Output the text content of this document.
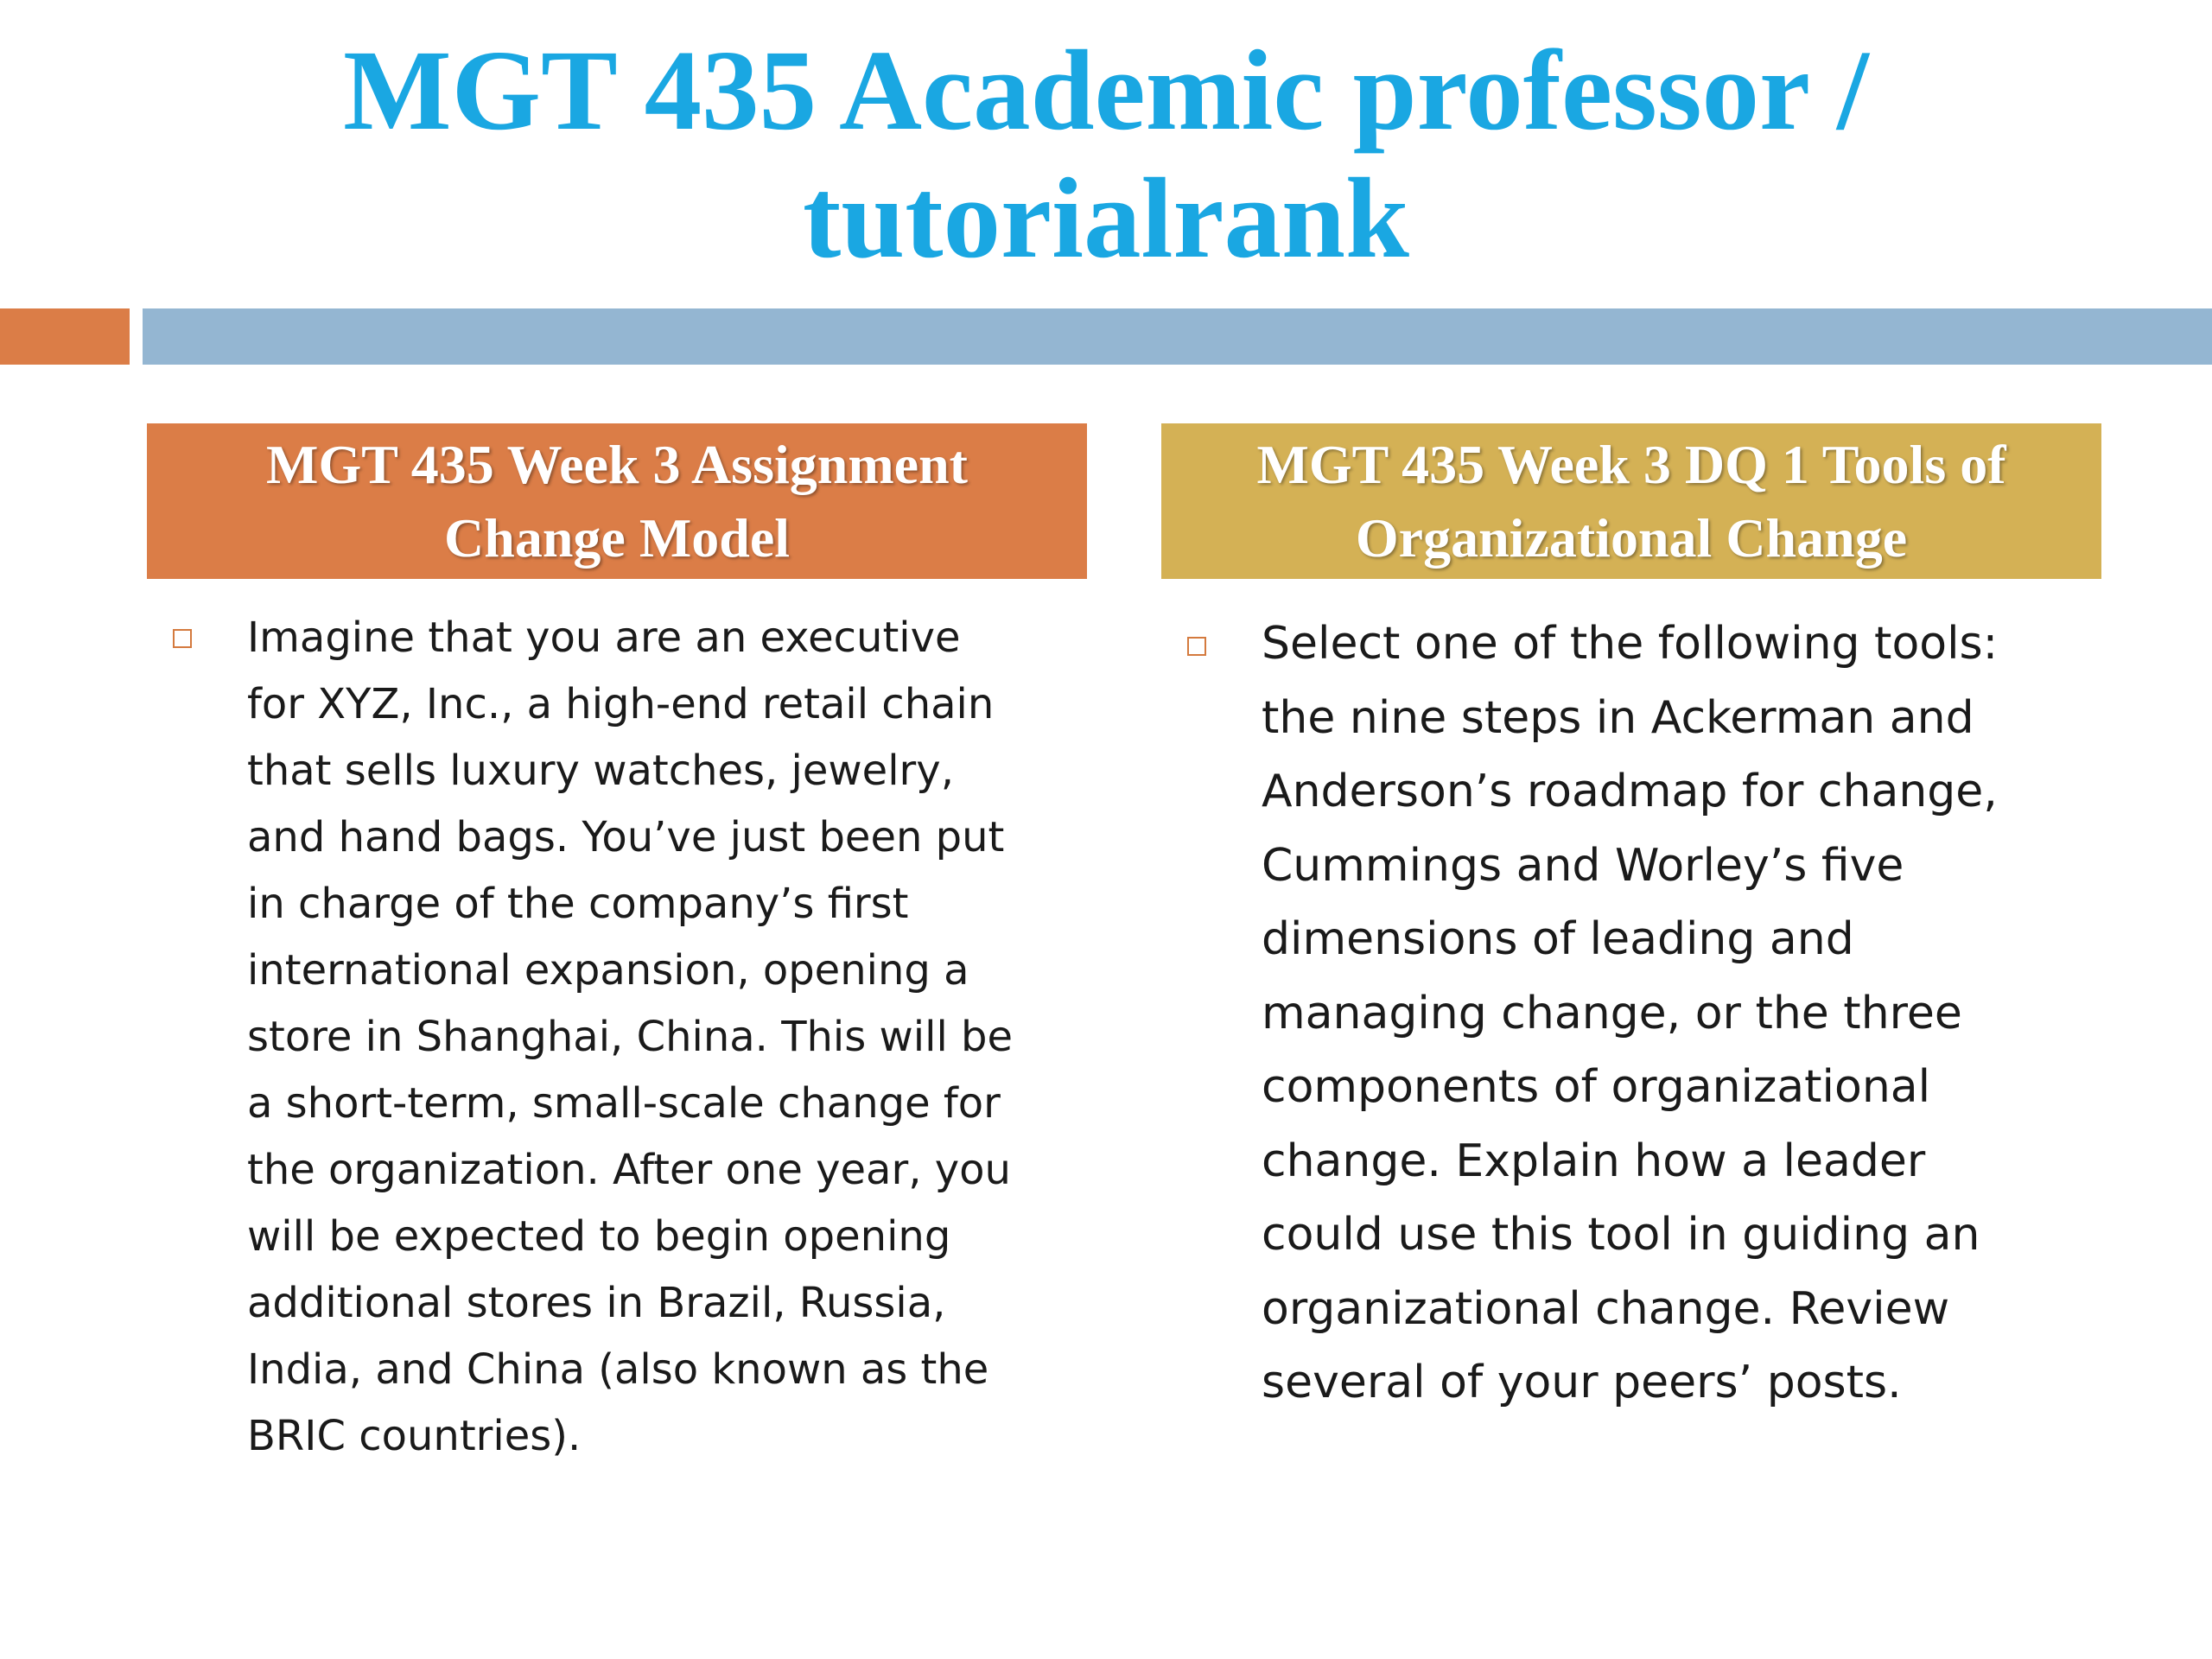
MGT 435 Academic professor /
tutorialrank
MGT 435 Week 3 Assignment
Change Model
MGT 435 Week 3 DQ 1 Tools of
Organizational Change
Imagine that you are an executive
for XYZ, Inc., a high-end retail chain
that sells luxury watches, jewelry,
and hand bags. You’ve just been put
in charge of the company’s first
international expansion, opening a
store in Shanghai, China. This will be
a short-term, small-scale change for
the organization. After one year, you
will be expected to begin opening
additional stores in Brazil, Russia,
India, and China (also known as the
BRIC countries).
Select one of the following tools:
the nine steps in Ackerman and
Anderson’s roadmap for change,
Cummings and Worley’s five
dimensions of leading and
managing change, or the three
components of organizational
change. Explain how a leader
could use this tool in guiding an
organizational change. Review
several of your peers’ posts.
